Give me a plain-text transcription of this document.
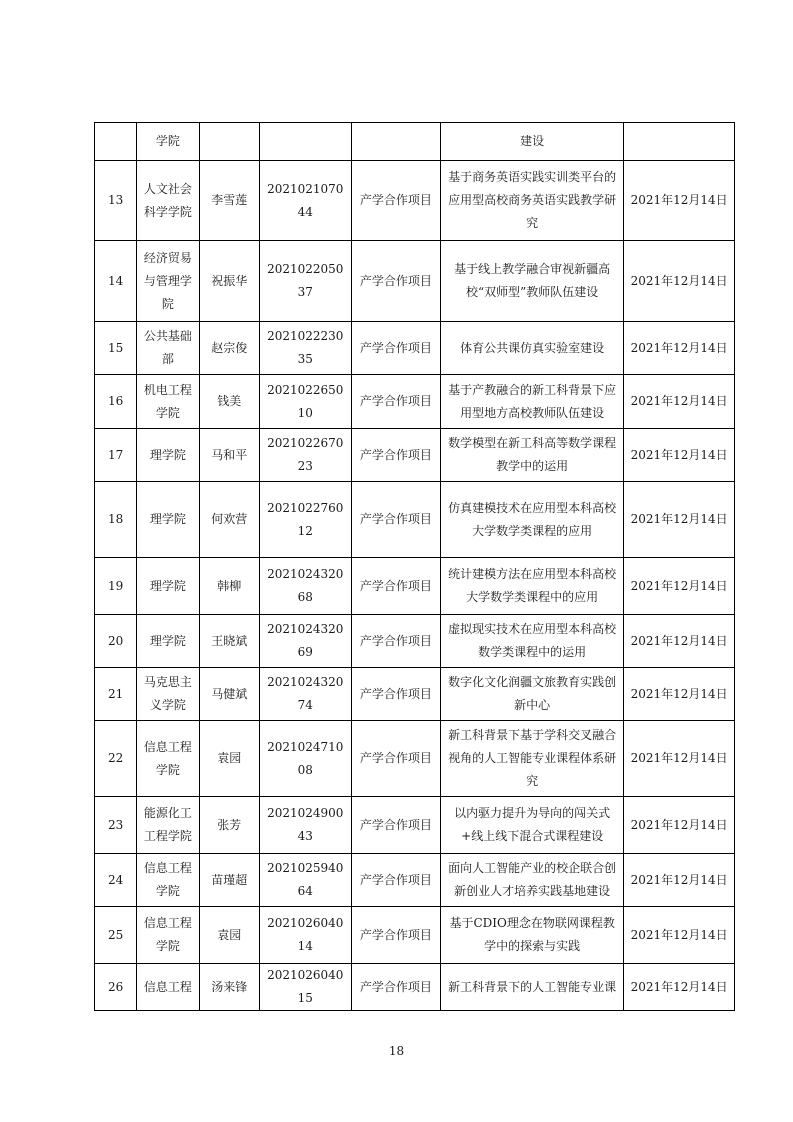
	学院				建设	
13	人文社会科学学院	李雪莲	202102107044	产学合作项目	基于商务英语实践实训类平台的应用型高校商务英语实践教学研究	2021年12月14日
14	经济贸易与管理学院	祝振华	202102205037	产学合作项目	基于线上教学融合审视新疆高校“双师型”教师队伍建设	2021年12月14日
15	公共基础部	赵宗俊	202102223035	产学合作项目	体育公共课仿真实验室建设	2021年12月14日
16	机电工程学院	钱美	202102265010	产学合作项目	基于产教融合的新工科背景下应用型地方高校教师队伍建设	2021年12月14日
17	理学院	马和平	202102267023	产学合作项目	数学模型在新工科高等数学课程教学中的运用	2021年12月14日
18	理学院	何欢营	202102276012	产学合作项目	仿真建模技术在应用型本科高校大学数学类课程的应用	2021年12月14日
19	理学院	韩柳	202102432068	产学合作项目	统计建模方法在应用型本科高校大学数学类课程中的应用	2021年12月14日
20	理学院	王晓斌	202102432069	产学合作项目	虚拟现实技术在应用型本科高校数学类课程中的运用	2021年12月14日
21	马克思主义学院	马健斌	202102432074	产学合作项目	数字化文化润疆文旅教育实践创新中心	2021年12月14日
22	信息工程学院	袁园	202102471008	产学合作项目	新工科背景下基于学科交叉融合视角的人工智能专业课程体系研究	2021年12月14日
23	能源化工工程学院	张芳	202102490043	产学合作项目	以内驱力提升为导向的闯关式+线上线下混合式课程建设	2021年12月14日
24	信息工程学院	苗瑾超	202102594064	产学合作项目	面向人工智能产业的校企联合创新创业人才培养实践基地建设	2021年12月14日
25	信息工程学院	袁园	202102604014	产学合作项目	基于CDIO理念在物联网课程教学中的探索与实践	2021年12月14日
26	信息工程	汤来锋	202102604015	产学合作项目	新工科背景下的人工智能专业课	2021年12月14日
18
